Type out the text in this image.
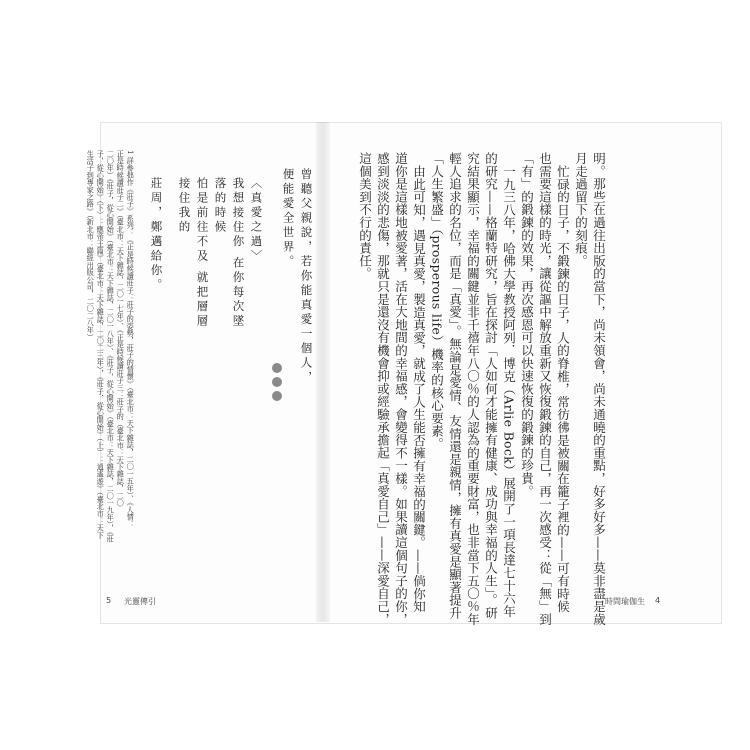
明。那些在過往出版的當下，尚未領會，尚未通曉的重點，好多好多——莫非盡是歲
月走過留下的刻痕。
忙碌的日子，不鍛鍊的日子，人的脊椎，常彷彿是被關在籠子裡的——可有時候
也需要這樣的時光，讓從謳中解放重新又恢復鍛鍊的自己，再一次感受：從「無」到
「有」的鍛鍊的效果，再次感恩可以快速恢復的鍛鍊的珍貴。
一九三八年，哈佛大學教授阿列．博克（Arlie Bock）展開了一項長達七十六年
的研究——格蘭特研究，旨在探討「人如何才能擁有健康、成功與幸福的人生」。研
究結果顯示，幸福的關鍵並非千禧年八〇％的人認為的重要財富，也非當下五〇％年
輕人追求的名位，而是「真愛」。無論是愛情、友情還是親情，擁有真愛是顯著提升
「人生繁盛」（prosperous life）機率的核心要素。
由此可知，遇見真愛，製造真愛，就成了人生能否擁有幸福的關鍵。——倘你知
道你是這樣地被愛著，活在大地間的幸福感，會變得不一樣。如果讀這個句子的你，
感到淡淡的悲傷，那就只是還沒有機會抑或經驗承擔起「真愛自己」——深愛自己，
這個美到不行的責任。
時間瑜伽生 4
曾聽父親說，若你能真愛一個人，
便能愛全世界。
〈真愛之過〉
我想接住你 在你每次墜
落的時候
怕是前往不及 就把層層
接住我的
莊周，鄭邁給你。
1 詳參拙作《莊子》系列：《正是時候讀莊子：莊子的姿勢，莊子的情懷》（臺北市：天下雜誌，二〇一五年）、《人情：
正是時候讀莊子二》（臺北市：天下雜誌，二〇一七年）、《正是時候讀莊子三：莊子的（臺北市：天下雜誌，二〇
二〇年）《莊子，從心開始》（臺北市：天下雜誌，二〇一八年）、《莊子，從心開始》（臺北市：天下雜誌，二〇一九年），《莊
子，從心開始》（下）：應帝王篇》（臺北市：天下雜誌，二〇二三年），《莊子．從心開始》（上）：逍遙遊》（臺北市：天下
生活子到專家之路》（新北市：聯經出版公司，二〇二八年）
5 光靈傳引
